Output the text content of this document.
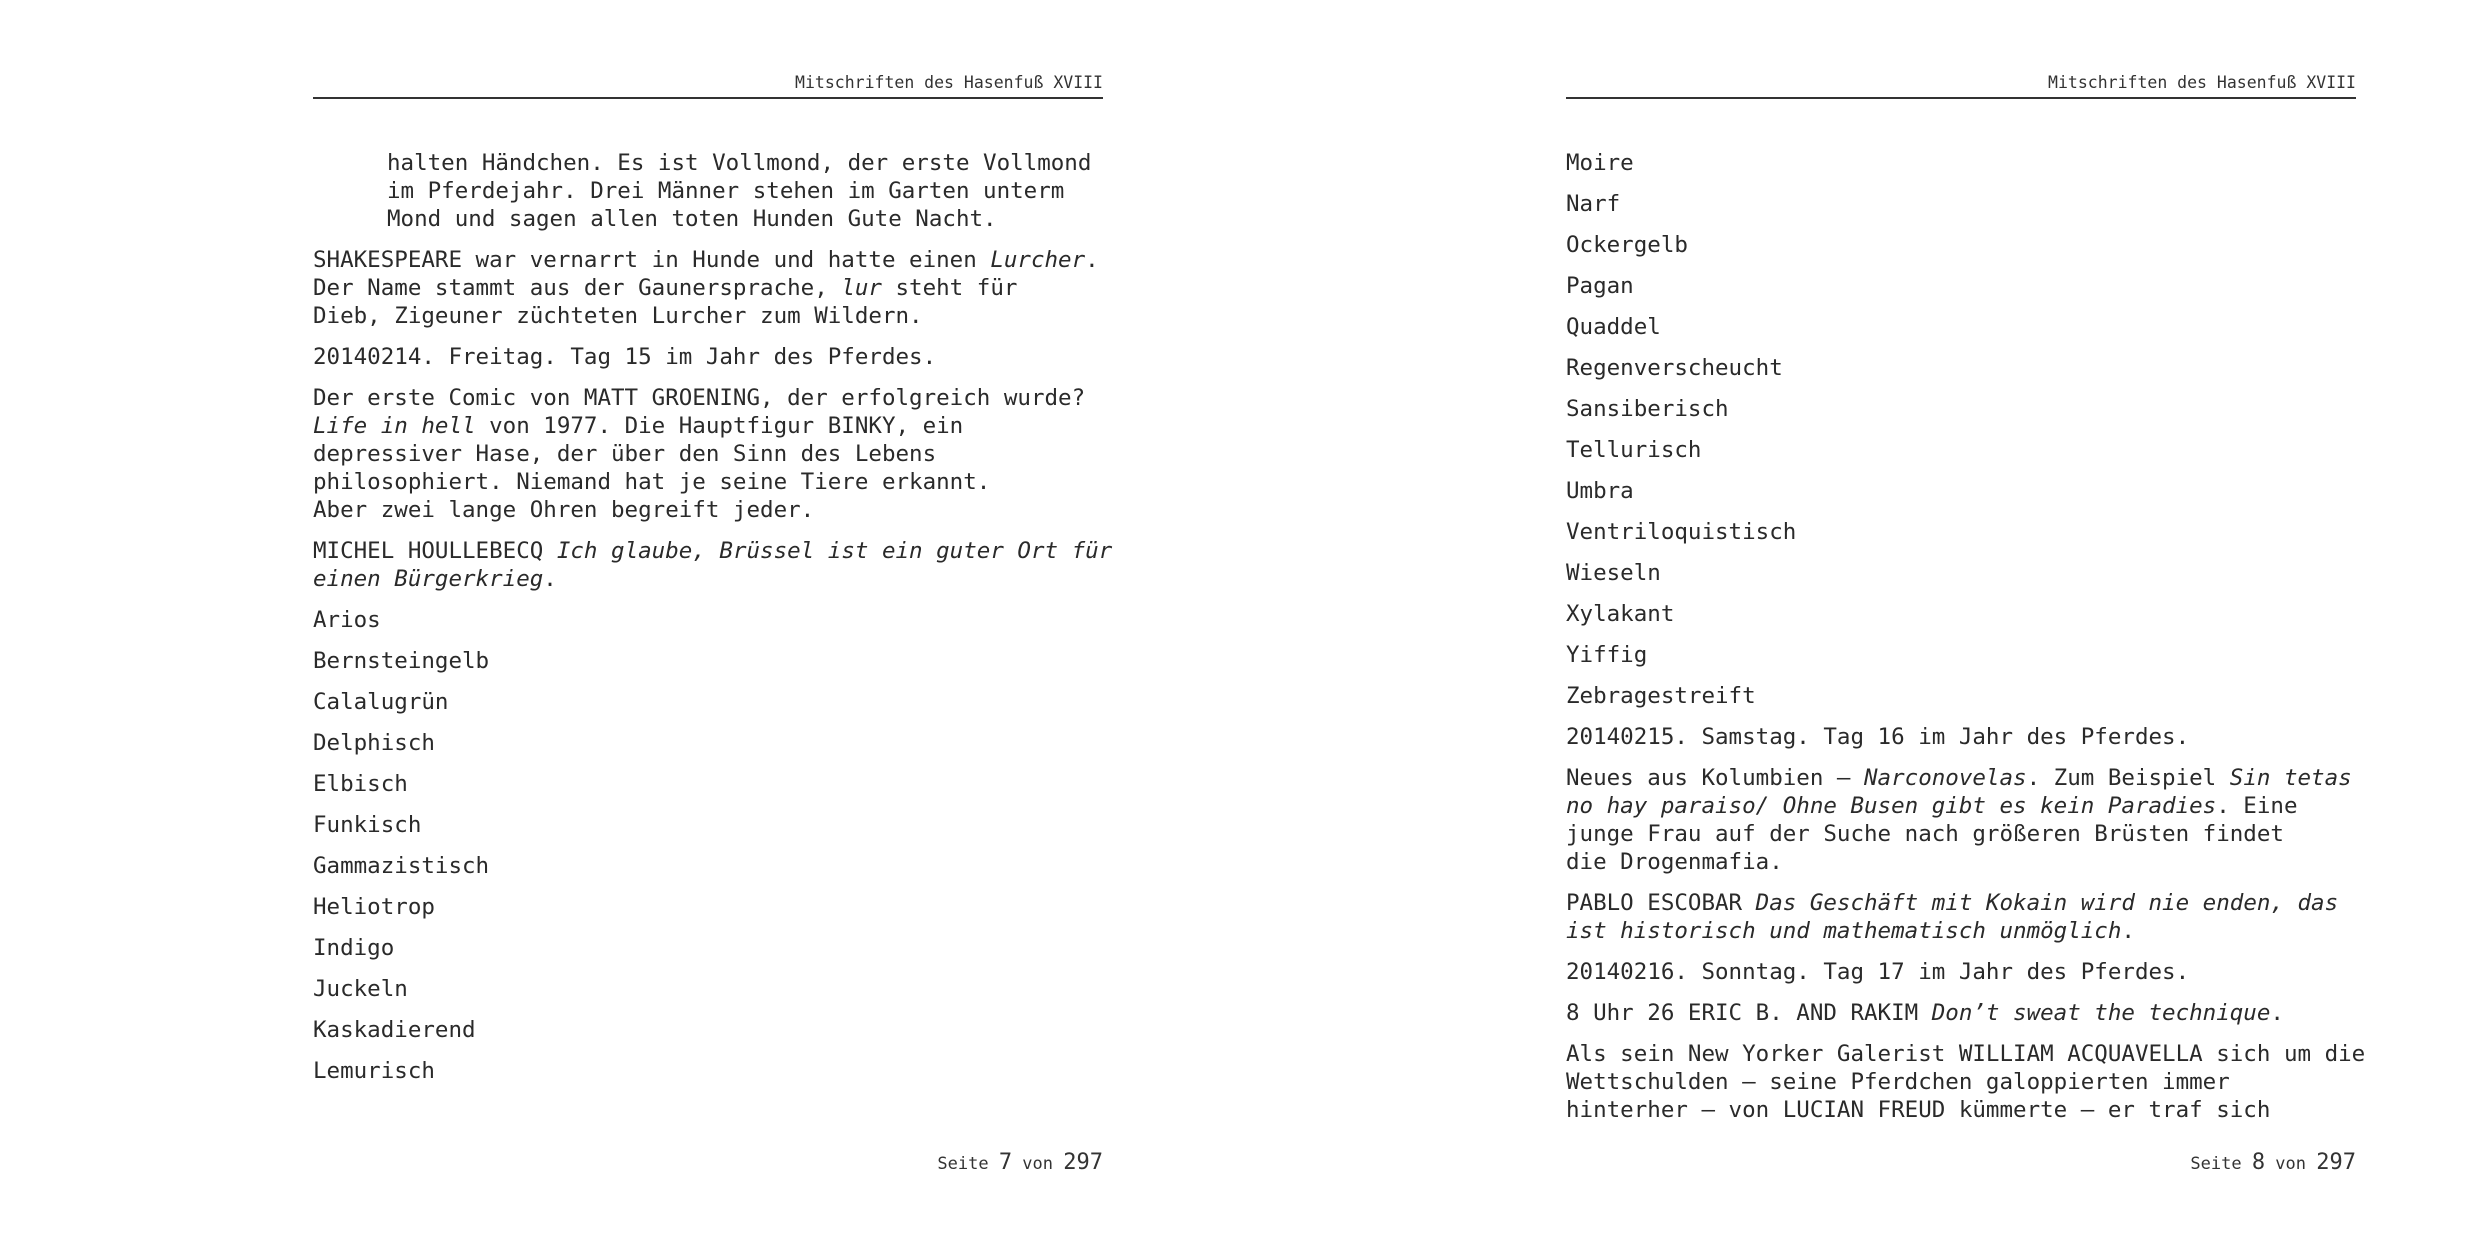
Mitschriften des Hasenfuß XVIII

halten Händchen. Es ist Vollmond, der erste Vollmond
im Pferdejahr. Drei Männer stehen im Garten unterm
Mond und sagen allen toten Hunden Gute Nacht.

SHAKESPEARE war vernarrt in Hunde und hatte einen Lurcher.
Der Name stammt aus der Gaunersprache, lur steht für
Dieb, Zigeuner züchteten Lurcher zum Wildern.

20140214. Freitag. Tag 15 im Jahr des Pferdes.

Der erste Comic von MATT GROENING, der erfolgreich wurde?
Life in hell von 1977. Die Hauptfigur BINKY, ein
depressiver Hase, der über den Sinn des Lebens
philosophiert. Niemand hat je seine Tiere erkannt.
Aber zwei lange Ohren begreift jeder.

MICHEL HOULLEBECQ Ich glaube, Brüssel ist ein guter Ort für
einen Bürgerkrieg.

Arios

Bernsteingelb

Calalugrün

Delphisch

Elbisch

Funkisch

Gammazistisch

Heliotrop

Indigo

Juckeln

Kaskadierend

Lemurisch

Seite 7 von 297
Mitschriften des Hasenfuß XVIII

Moire

Narf

Ockergelb

Pagan

Quaddel

Regenverscheucht

Sansiberisch

Tellurisch

Umbra

Ventriloquistisch

Wieseln

Xylakant

Yiffig

Zebragestreift

20140215. Samstag. Tag 16 im Jahr des Pferdes.

Neues aus Kolumbien – Narconovelas. Zum Beispiel Sin tetas
no hay paraiso/ Ohne Busen gibt es kein Paradies. Eine
junge Frau auf der Suche nach größeren Brüsten findet
die Drogenmafia.

PABLO ESCOBAR Das Geschäft mit Kokain wird nie enden, das
ist historisch und mathematisch unmöglich.

20140216. Sonntag. Tag 17 im Jahr des Pferdes.

8 Uhr 26 ERIC B. AND RAKIM Don’t sweat the technique.

Als sein New Yorker Galerist WILLIAM ACQUAVELLA sich um die
Wettschulden – seine Pferdchen galoppierten immer
hinterher – von LUCIAN FREUD kümmerte – er traf sich

Seite 8 von 297
